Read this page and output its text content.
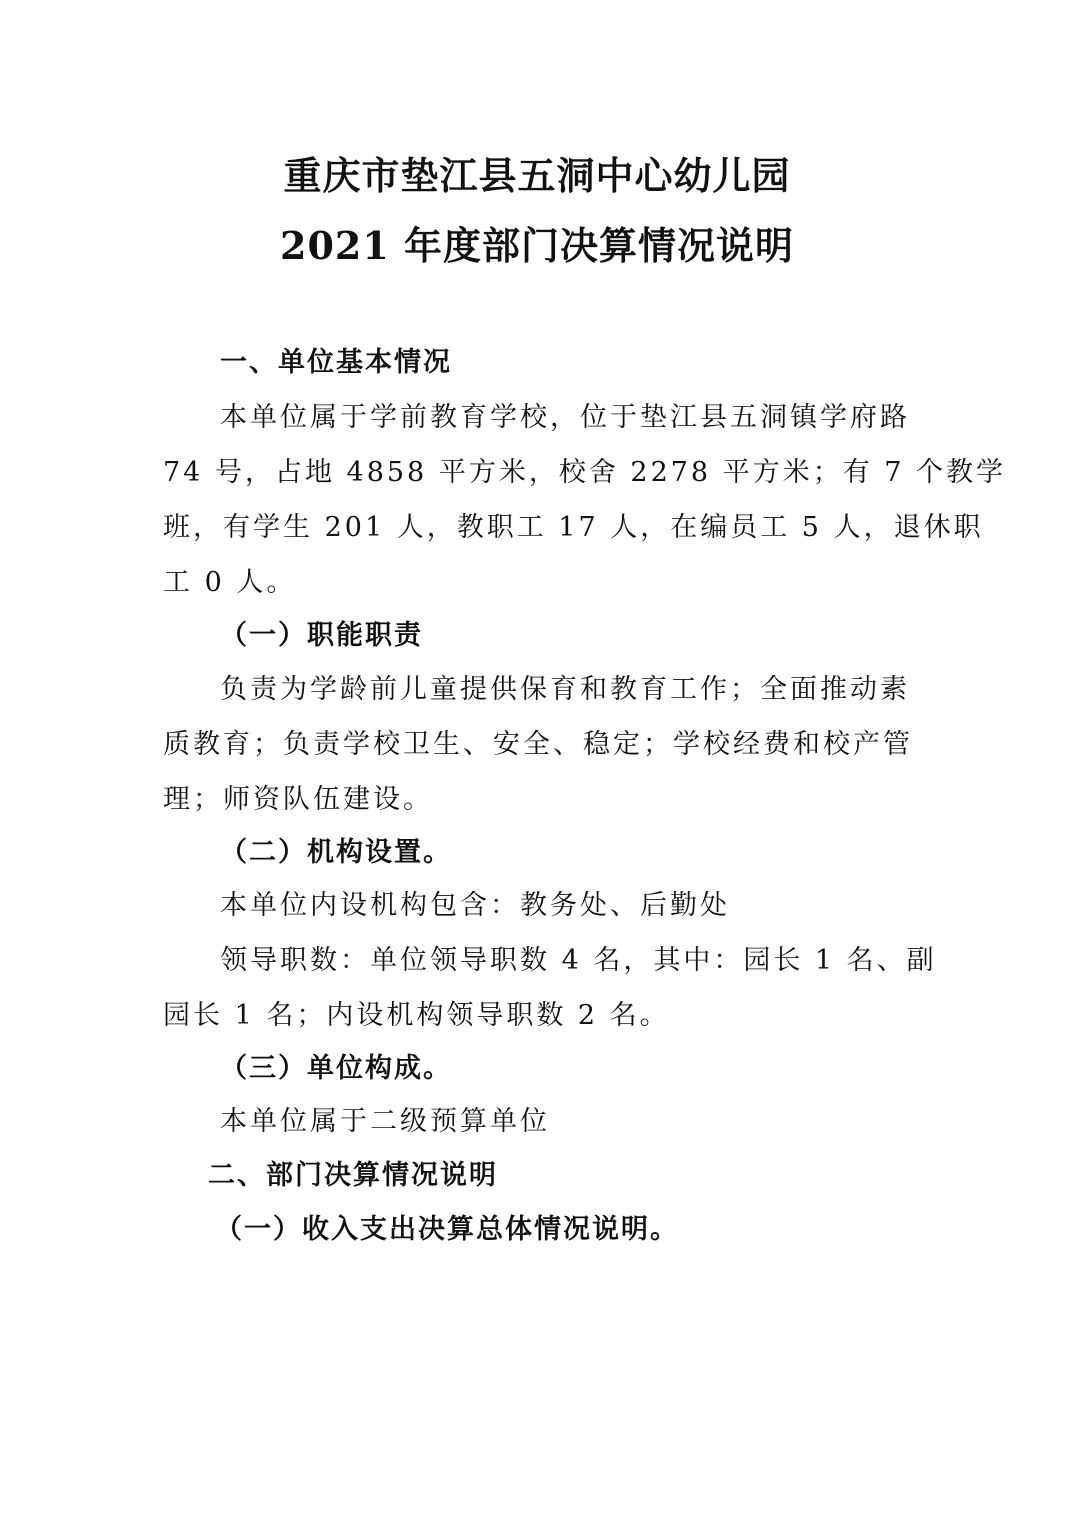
重庆市垫江县五洞中心幼儿园
2021 年度部门决算情况说明
一、单位基本情况
本单位属于学前教育学校，位于垫江县五洞镇学府路
74 号，占地 4858 平方米，校舍 2278 平方米；有 7 个教学
班，有学生 201 人，教职工 17 人，在编员工 5 人，退休职
工 0 人。
（一）职能职责
负责为学龄前儿童提供保育和教育工作；全面推动素
质教育；负责学校卫生、安全、稳定；学校经费和校产管
理；师资队伍建设。
（二）机构设置。
本单位内设机构包含：教务处、后勤处
领导职数：单位领导职数 4 名，其中：园长 1 名、副
园长 1 名；内设机构领导职数 2 名。
（三）单位构成。
本单位属于二级预算单位
二、部门决算情况说明
（一）收入支出决算总体情况说明。
